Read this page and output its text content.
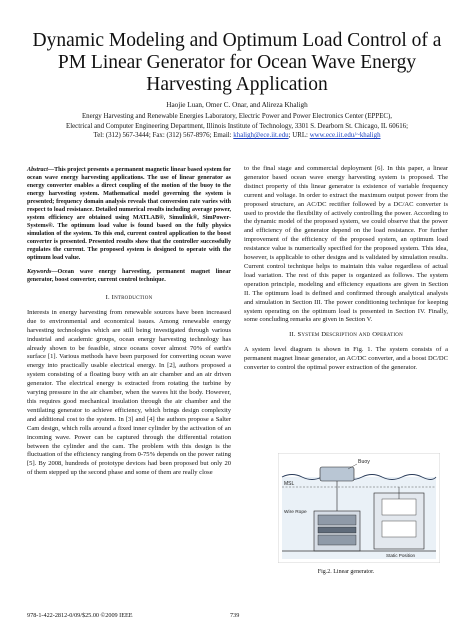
Dynamic Modeling and Optimum Load Control of a PM Linear Generator for Ocean Wave Energy Harvesting Application
Haojie Luan, Omer C. Onar, and Alireza Khaligh
Energy Harvesting and Renewable Energies Laboratory, Electric Power and Power Electronics Center (EPPEC),
Electrical and Computer Engineering Department, Illinois Institute of Technology, 3301 S. Dearborn St. Chicago, IL 60616;
Tel: (312) 567-3444; Fax: (312) 567-8976; Email: khaligh@ece.iit.edu; URL: www.ece.iit.edu/~khaligh
Abstract—This project presents a permanent magnetic linear based system for ocean wave energy harvesting applications. The use of linear generator as energy converter enables a direct coupling of the motion of the buoy to the energy harvesting system. Mathematical model governing the system is presented; frequency domain analysis reveals that conversion rate varies with respect to load resistance. Detailed numerical results including average power, system efficiency are obtained using MATLAB®, Simulink®, SimPower-Systems®. The optimum load value is found based on the fully physics simulation of the system. To this end, current control application to the boost converter is presented. Presented results show that the controller successfully regulates the current. The proposed system is designed to operate with the optimum load value.
Keywords—Ocean wave energy harvesting, permanent magnet linear generator, boost converter, current control technique.
I. Introduction

Interests in energy harvesting from renewable sources have been increased due to environmental and economical issues. Among renewable energy harvesting technologies which are still being investigated through various industrial and academic groups, ocean energy harvesting technology has already shown to be feasible, since oceans cover almost 70% of earth's surface [1]. Various methods have been purposed for converting ocean wave energy into practically usable electrical energy. In [2], authors proposed a system consisting of a floating buoy with an air chamber and an air driven generator. The electrical energy is extracted from rotating the turbine by varying pressure in the air chamber, when the waves hit the body. However, this requires good mechanical insulation through the air chamber and the ventilating generator to achieve efficiency, which brings design complexity and additional cost to the system. In [3] and [4] the authors propose a Salter Cam design, which rolls around a fixed inner cylinder by the activation of an incoming wave. Power can be captured through the differential rotation between the cylinder and the cam. The problem with this design is the fluctuation of the efficiency ranging from 0-75% depends on the power rating [5]. By 2008, hundreds of prototype devices had been proposed but only 20 of them stepped up the second phase and some of them are really close

to the final stage and commercial deployment [6]. In this paper, a linear generator based ocean wave energy harvesting system is proposed. The distinct property of this linear generator is existence of variable frequency current and voltage. In order to extract the maximum output power from the proposed structure, an AC/DC rectifier followed by a DC/AC converter is used to provide the flexibility of actively controlling the power. According to the dynamic model of the proposed system, we could observe that the power and efficiency of the generator depend on the load resistance. For further improvement of the efficiency of the proposed system, an optimum load resistance value is numerically specified for the proposed system. This idea, however, is applicable to other designs and is validated by simulation results. Current control technique helps to maintain this value regardless of actual load variation. The rest of this paper is organized as follows. The system operation principle, modeling and efficiency equations are given in Section II. The optimum load is defined and confirmed through analytical analysis and simulation in Section III. The power conditioning technique for keeping system operating on the optimum load is presented in Section IV. Finally, some concluding remarks are given in Section V.

II. System Description and Operation

A system level diagram is shown in Fig. 1. The system consists of a permanent magnet linear generator, an AC/DC converter, and a boost DC/DC converter to control the optimal power extraction of the generator.

MSL
Buoy
Wire Rope
Static Position
Fig.2. Linear generator.
978-1-422-2812-0/09/$25.00 ©2009 IEEE	739
